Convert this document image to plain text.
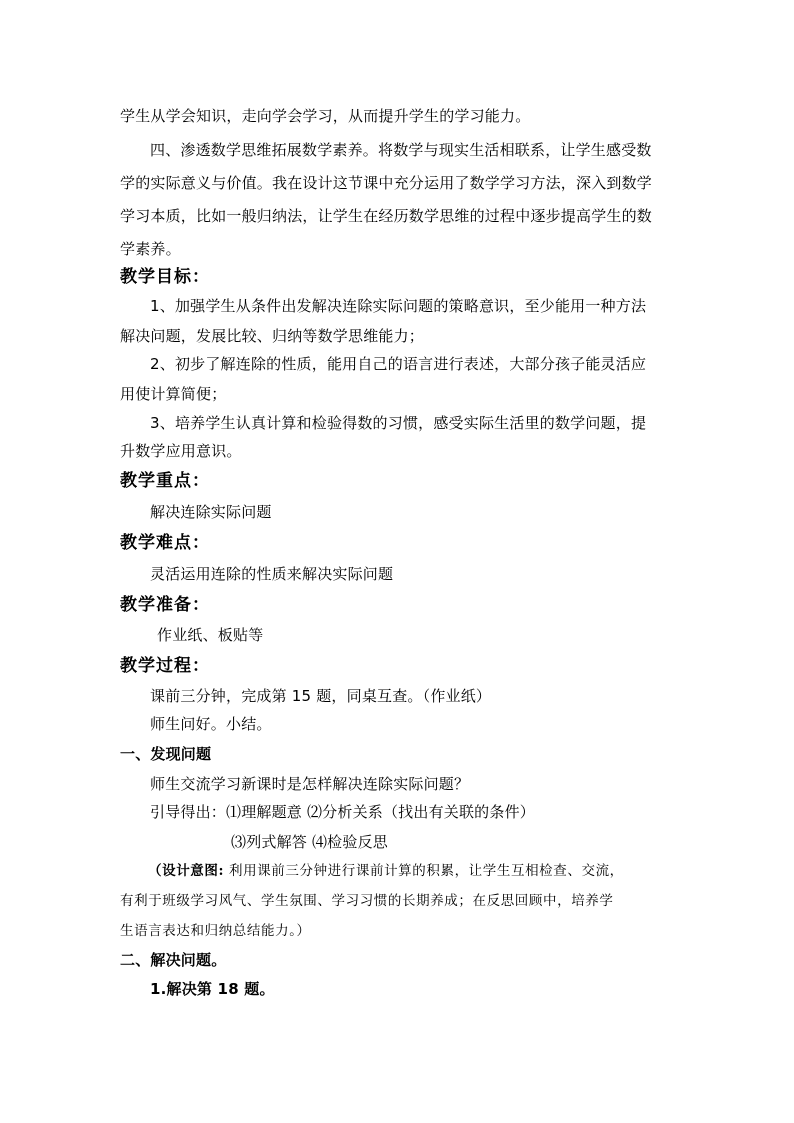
学生从学会知识，走向学会学习，从而提升学生的学习能力。
四、渗透数学思维拓展数学素养。将数学与现实生活相联系，让学生感受数
学的实际意义与价值。我在设计这节课中充分运用了数学学习方法，深入到数学
学习本质，比如一般归纳法，让学生在经历数学思维的过程中逐步提高学生的数
学素养。
教学目标：
1、加强学生从条件出发解决连除实际问题的策略意识，至少能用一种方法
解决问题，发展比较、归纳等数学思维能力；
2、初步了解连除的性质，能用自己的语言进行表述，大部分孩子能灵活应
用使计算简便；
3、培养学生认真计算和检验得数的习惯，感受实际生活里的数学问题，提
升数学应用意识。
教学重点：
解决连除实际问题
教学难点：
灵活运用连除的性质来解决实际问题
教学准备：
作业纸、板贴等
教学过程：
课前三分钟，完成第 15 题，同桌互查。（作业纸）
师生问好。小结。
一、发现问题
师生交流学习新课时是怎样解决连除实际问题？
引导得出：⑴理解题意 ⑵分析关系（找出有关联的条件）
⑶列式解答 ⑷检验反思
（设计意图: 利用课前三分钟进行课前计算的积累，让学生互相检查、交流，
有利于班级学习风气、学生氛围、学习习惯的长期养成；在反思回顾中，培养学
生语言表达和归纳总结能力。）
二、解决问题。
1.解决第 18 题。
